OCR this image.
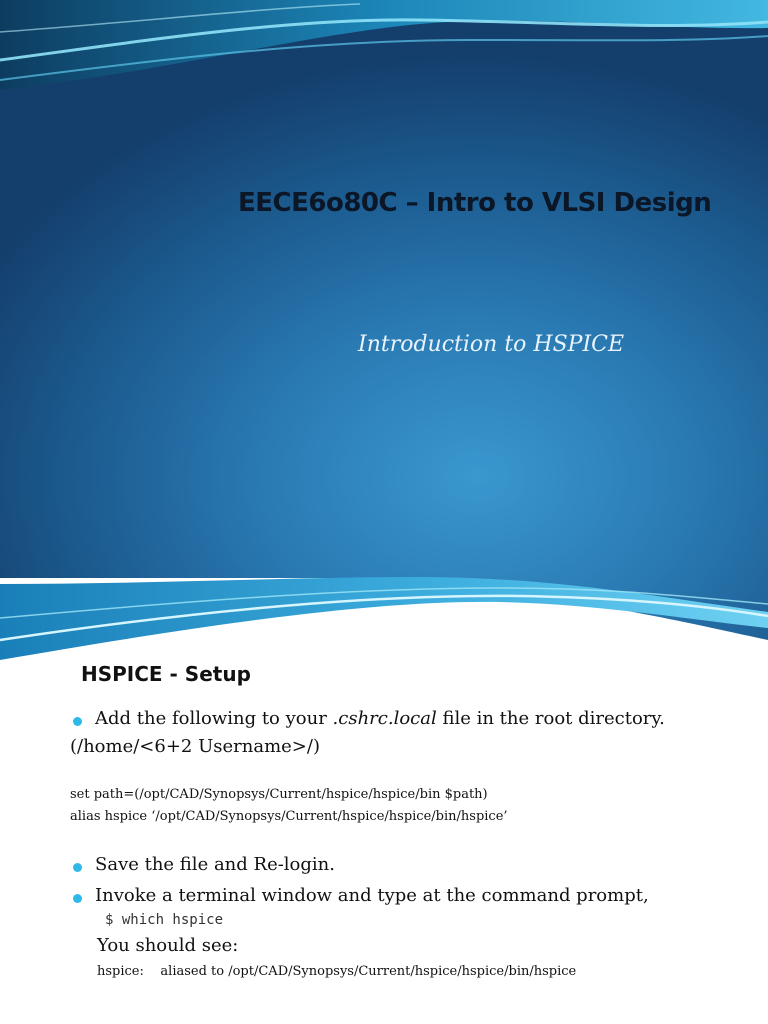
EECE6o80C – Intro to VLSI Design
Introduction to HSPICE
HSPICE - Setup
Add the following to your .cshrc.local file in the root directory.
(/home/<6+2 Username>/)
set path=(/opt/CAD/Synopsys/Current/hspice/hspice/bin $path)
alias hspice ‘/opt/CAD/Synopsys/Current/hspice/hspice/bin/hspice’
Save the file and Re-login.
Invoke a terminal window and type at the command prompt,
$ which hspice
You should see:
hspice:    aliased to /opt/CAD/Synopsys/Current/hspice/hspice/bin/hspice
